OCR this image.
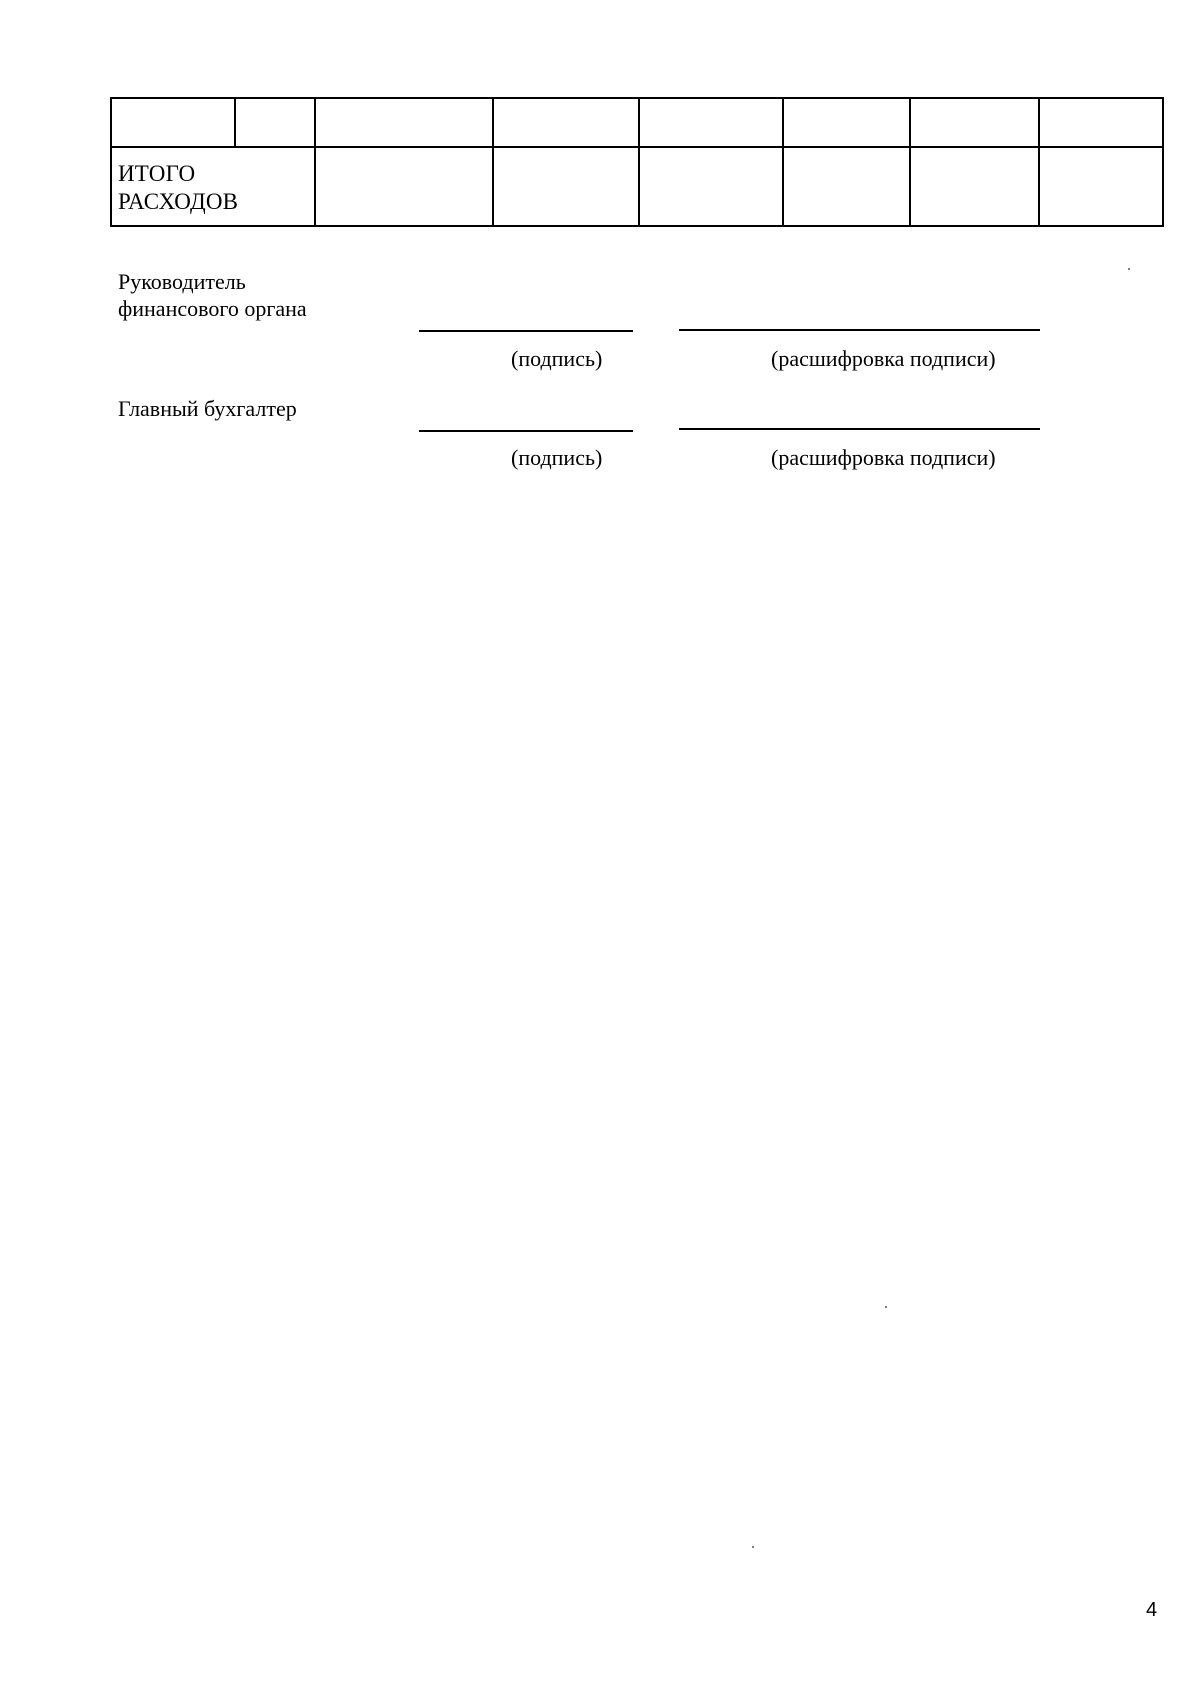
ИТОГО
РАСХОДОВ
Руководитель
финансового органа
(подпись)	(расшифровка подписи)
Главный бухгалтер
(подпись)	(расшифровка подписи)
4
